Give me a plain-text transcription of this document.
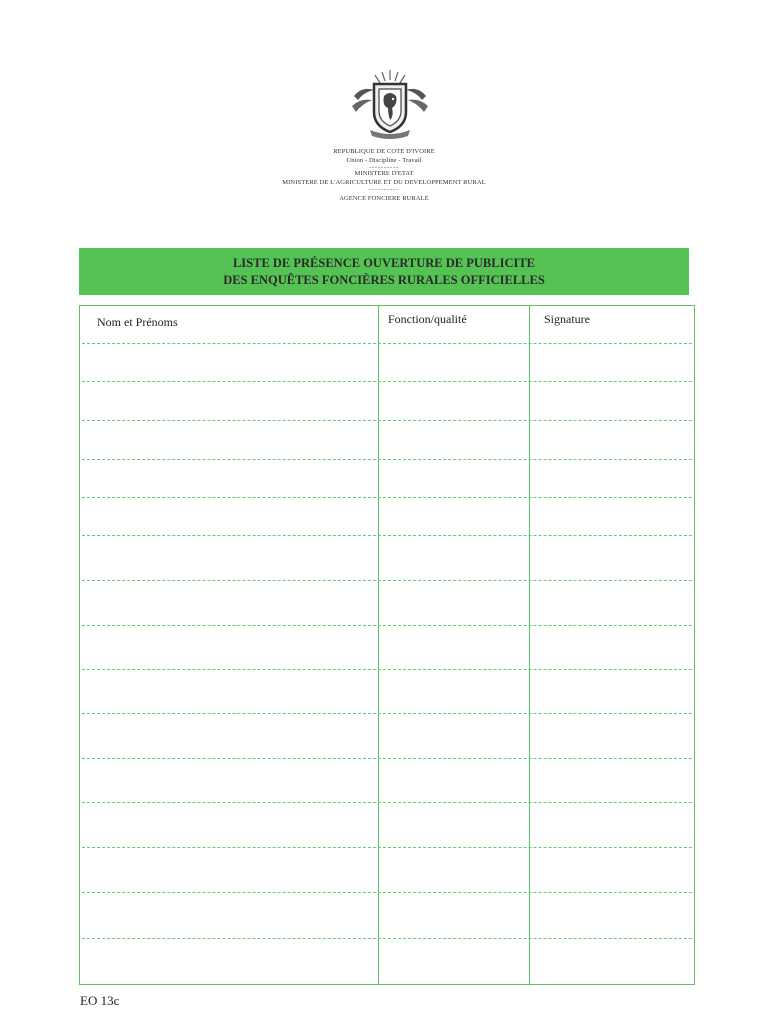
REPUBLIQUE DE COTE D'IVOIRE
Union - Discipline - Travail
----------
MINISTERE D'ETAT
MINISTERE DE L'AGRICULTURE ET DU DEVELOPPEMENT RURAL
----------
AGENCE FONCIERE RURALE
LISTE DE PRÉSENCE OUVERTURE DE PUBLICITE
DES ENQUÊTES FONCIÈRES RURALES OFFICIELLES
Nom et Prénoms	Fonction/qualité	Signature
EO 13c
